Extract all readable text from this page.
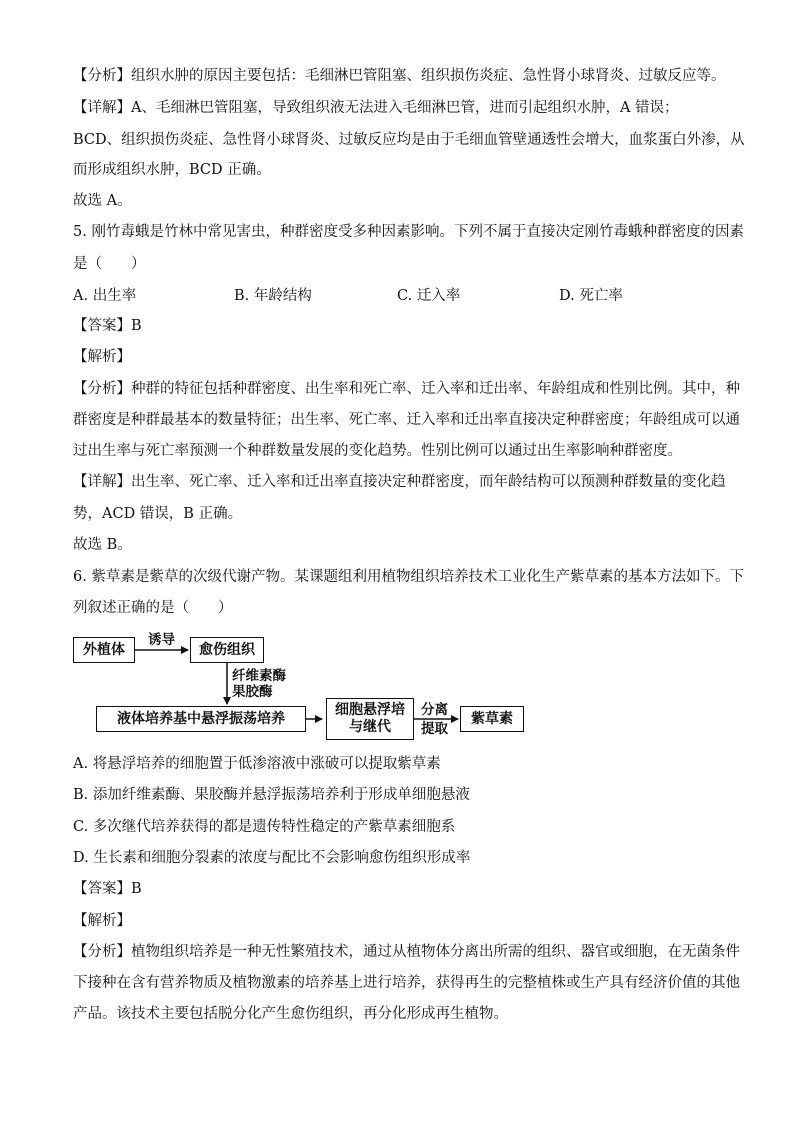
【分析】组织水肿的原因主要包括：毛细淋巴管阻塞、组织损伤炎症、急性肾小球肾炎、过敏反应等。
【详解】A、毛细淋巴管阻塞，导致组织液无法进入毛细淋巴管，进而引起组织水肿，A 错误；
BCD、组织损伤炎症、急性肾小球肾炎、过敏反应均是由于毛细血管壁通透性会增大，血浆蛋白外渗，从
而形成组织水肿，BCD 正确。
故选 A。
5. 刚竹毒蛾是竹林中常见害虫，种群密度受多种因素影响。下列不属于直接决定刚竹毒蛾种群密度的因素
是（　　）
A. 出生率	B. 年龄结构	C. 迁入率	D. 死亡率
【答案】B
【解析】
【分析】种群的特征包括种群密度、出生率和死亡率、迁入率和迁出率、年龄组成和性别比例。其中，种
群密度是种群最基本的数量特征；出生率、死亡率、迁入率和迁出率直接决定种群密度；年龄组成可以通
过出生率与死亡率预测一个种群数量发展的变化趋势。性别比例可以通过出生率影响种群密度。
【详解】出生率、死亡率、迁入率和迁出率直接决定种群密度，而年龄结构可以预测种群数量的变化趋
势，ACD 错误，B 正确。
故选 B。
6. 紫草素是紫草的次级代谢产物。某课题组利用植物组织培养技术工业化生产紫草素的基本方法如下。下
列叙述正确的是（　　）
外植体
诱导
愈伤组织
纤维素酶
果胶酶
液体培养基中悬浮振荡培养
细胞悬浮培
与继代
分离
提取
紫草素
A. 将悬浮培养的细胞置于低渗溶液中涨破可以提取紫草素
B. 添加纤维素酶、果胶酶并悬浮振荡培养利于形成单细胞悬液
C. 多次继代培养获得的都是遗传特性稳定的产紫草素细胞系
D. 生长素和细胞分裂素的浓度与配比不会影响愈伤组织形成率
【答案】B
【解析】
【分析】植物组织培养是一种无性繁殖技术，通过从植物体分离出所需的组织、器官或细胞，在无菌条件
下接种在含有营养物质及植物激素的培养基上进行培养，获得再生的完整植株或生产具有经济价值的其他
产品。该技术主要包括脱分化产生愈伤组织，再分化形成再生植物。
